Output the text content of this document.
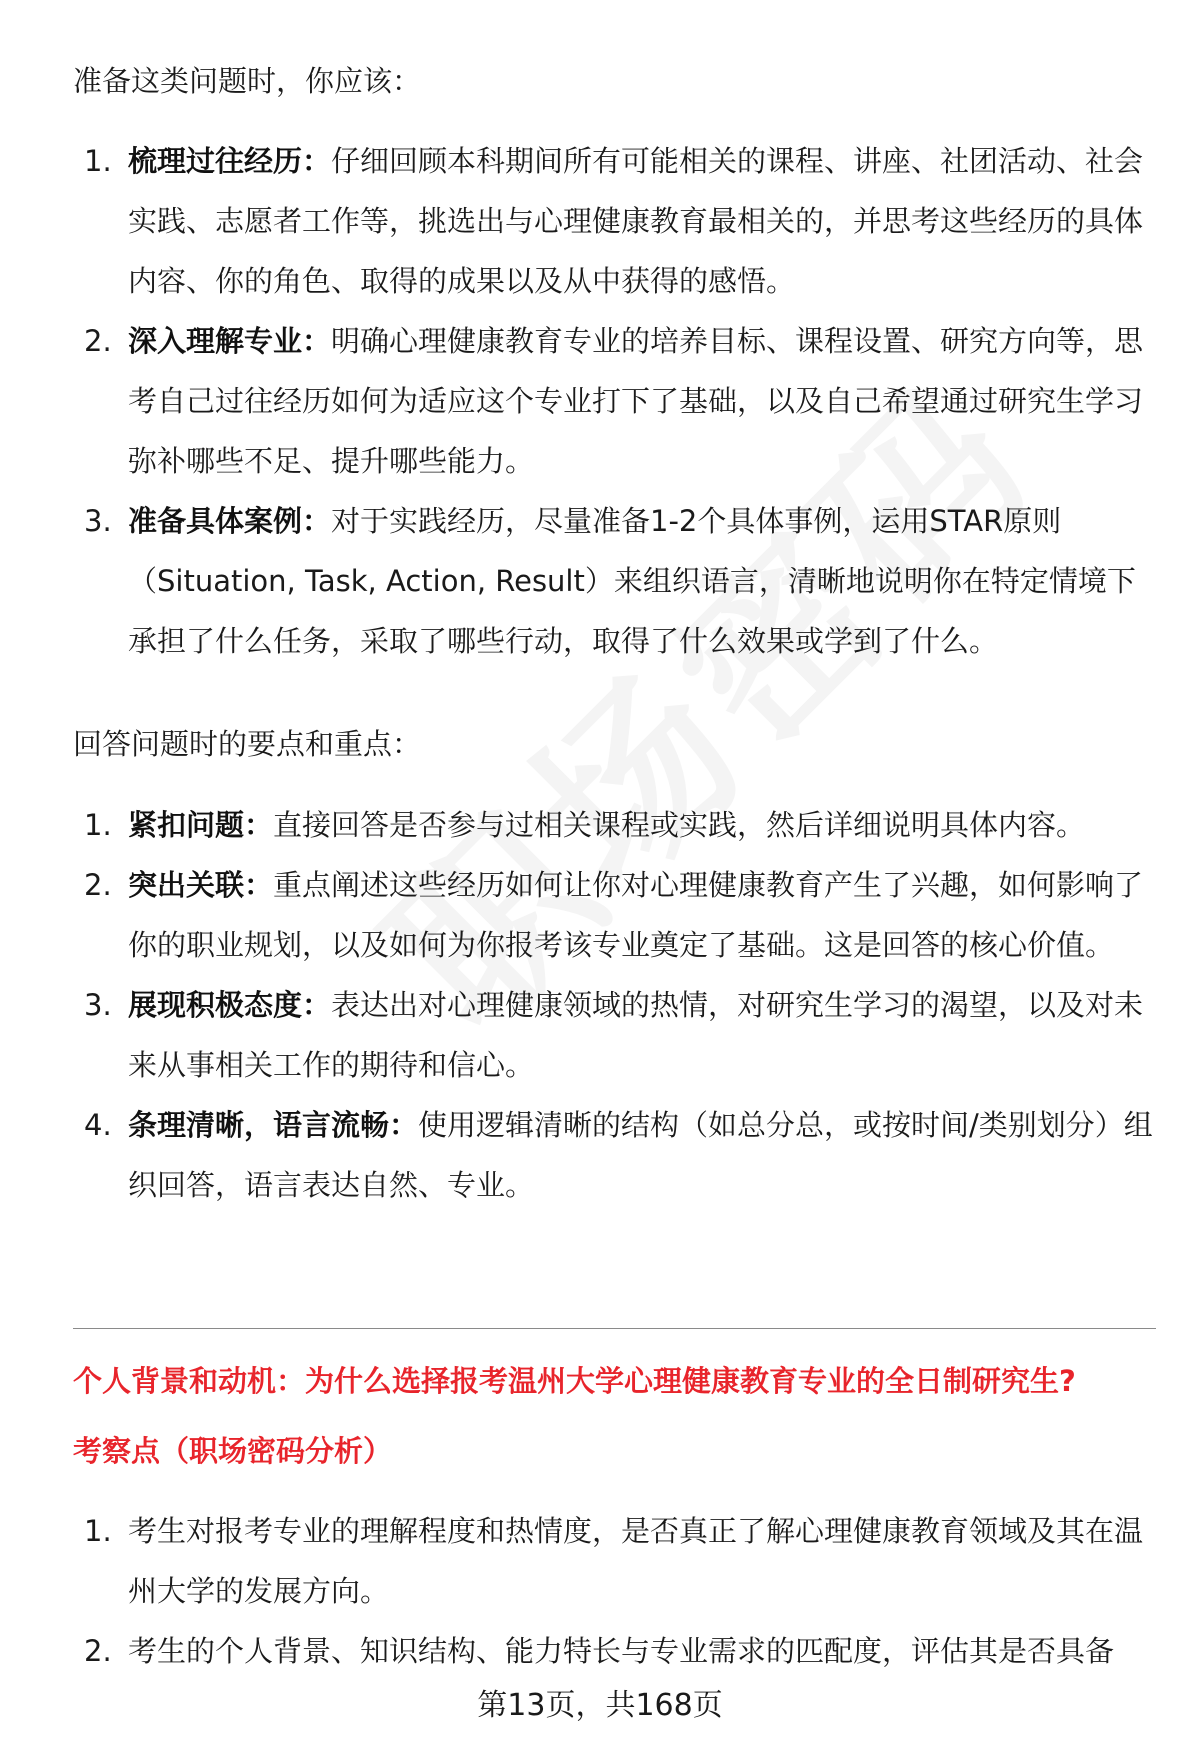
准备这类问题时，你应该：
1. 梳理过往经历：仔细回顾本科期间所有可能相关的课程、讲座、社团活动、社会实践、志愿者工作等，挑选出与心理健康教育最相关的，并思考这些经历的具体内容、你的角色、取得的成果以及从中获得的感悟。
2. 深入理解专业：明确心理健康教育专业的培养目标、课程设置、研究方向等，思考自己过往经历如何为适应这个专业打下了基础，以及自己希望通过研究生学习弥补哪些不足、提升哪些能力。
3. 准备具体案例：对于实践经历，尽量准备1-2个具体事例，运用STAR原则（Situation, Task, Action, Result）来组织语言，清晰地说明你在特定情境下承担了什么任务，采取了哪些行动，取得了什么效果或学到了什么。
回答问题时的要点和重点：
1. 紧扣问题：直接回答是否参与过相关课程或实践，然后详细说明具体内容。
2. 突出关联：重点阐述这些经历如何让你对心理健康教育产生了兴趣，如何影响了你的职业规划，以及如何为你报考该专业奠定了基础。这是回答的核心价值。
3. 展现积极态度：表达出对心理健康领域的热情，对研究生学习的渴望，以及对未来从事相关工作的期待和信心。
4. 条理清晰，语言流畅：使用逻辑清晰的结构（如总分总，或按时间/类别划分）组织回答，语言表达自然、专业。
个人背景和动机：为什么选择报考温州大学心理健康教育专业的全日制研究生?
考察点（职场密码分析）
1. 考生对报考专业的理解程度和热情度，是否真正了解心理健康教育领域及其在温州大学的发展方向。
2. 考生的个人背景、知识结构、能力特长与专业需求的匹配度，评估其是否具备
第13页，共168页
